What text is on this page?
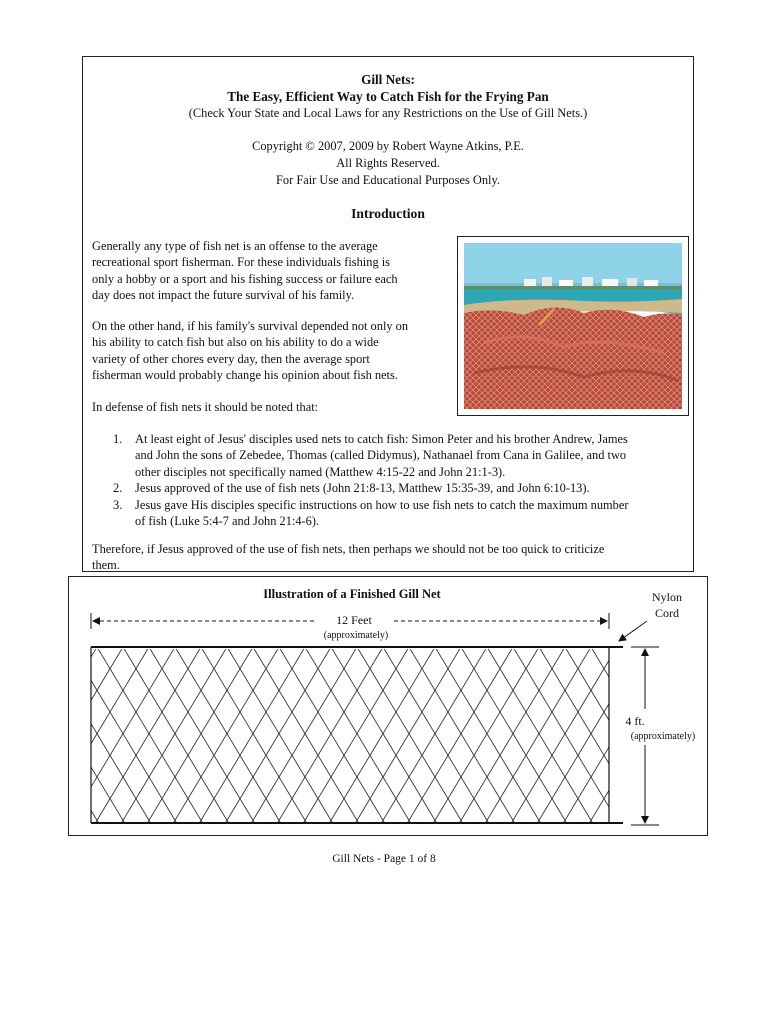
Gill Nets:

The Easy, Efficient Way to Catch Fish for the Frying Pan

(Check Your State and Local Laws for any Restrictions on the Use of Gill Nets.)

Copyright © 2007, 2009 by Robert Wayne Atkins, P.E.

All Rights Reserved.

For Fair Use and Educational Purposes Only.

Introduction

Generally any type of fish net is an offense to the average
recreational sport fisherman. For these individuals fishing is
only a hobby or a sport and his fishing success or failure each
day does not impact the future survival of his family.
On the other hand, if his family's survival depended not only on
his ability to catch fish but also on his ability to do a wide
variety of other chores every day, then the average sport
fisherman would probably change his opinion about fish nets.
In defense of fish nets it should be noted that:
1. At least eight of Jesus' disciples used nets to catch fish: Simon Peter and his brother Andrew, James
and John the sons of Zebedee, Thomas (called Didymus), Nathanael from Cana in Galilee, and two
other disciples not specifically named (Matthew 4:15-22 and John 21:1-3).
2. Jesus approved of the use of fish nets (John 21:8-13, Matthew 15:35-39, and John 6:10-13).
3. Jesus gave His disciples specific instructions on how to use fish nets to catch the maximum number
of fish (Luke 5:4-7 and John 21:4-6).
Therefore, if Jesus approved of the use of fish nets, then perhaps we should not be too quick to criticize
them.
Illustration of a Finished Gill Net
12 Feet
(approximately)
Nylon
Cord
4 ft.
(approximately)
Gill Nets - Page 1 of 8
